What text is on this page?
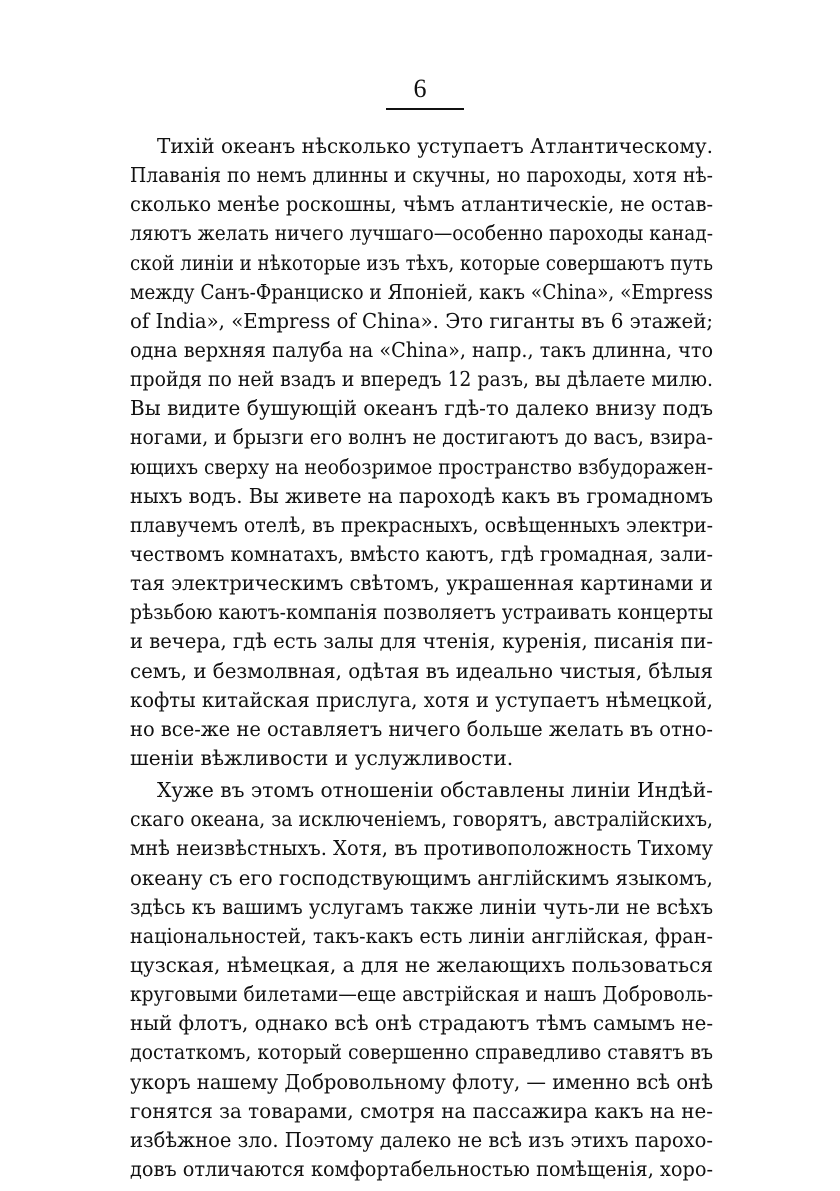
6
Тихій океанъ нѣсколько уступаетъ Атлантическому.
Плаванія по немъ длинны и скучны, но пароходы, хотя нѣ-
сколько менѣе роскошны, чѣмъ атлантическіе, не остав-
ляютъ желать ничего лучшаго—особенно пароходы канад-
ской линіи и нѣкоторые изъ тѣхъ, которые совершаютъ путь
между Санъ-Франциско и Японіей, какъ «China», «Empress
of India», «Empress of China». Это гиганты въ 6 этажей;
одна верхняя палуба на «China», напр., такъ длинна, что
пройдя по ней взадъ и впередъ 12 разъ, вы дѣлаете милю.
Вы видите бушующій океанъ гдѣ-то далеко внизу подъ
ногами, и брызги его волнъ не достигаютъ до васъ, взира-
ющихъ сверху на необозримое пространство взбудоражен-
ныхъ водъ. Вы живете на пароходѣ какъ въ громадномъ
плавучемъ отелѣ, въ прекрасныхъ, освѣщенныхъ электри-
чествомъ комнатахъ, вмѣсто каютъ, гдѣ громадная, зали-
тая электрическимъ свѣтомъ, украшенная картинами и
рѣзьбою каютъ-компанія позволяетъ устраивать концерты
и вечера, гдѣ есть залы для чтенія, куренія, писанія пи-
семъ, и безмолвная, одѣтая въ идеально чистыя, бѣлыя
кофты китайская прислуга, хотя и уступаетъ нѣмецкой,
но все-же не оставляетъ ничего больше желать въ отно-
шеніи вѣжливости и услужливости.
Хуже въ этомъ отношеніи обставлены линіи Индѣй-
скаго океана, за исключеніемъ, говорятъ, австралійскихъ,
мнѣ неизвѣстныхъ. Хотя, въ противоположность Тихому
океану съ его господствующимъ англійскимъ языкомъ,
здѣсь къ вашимъ услугамъ также линіи чуть-ли не всѣхъ
національностей, такъ-какъ есть линіи англійская, фран-
цузская, нѣмецкая, а для не желающихъ пользоваться
круговыми билетами—еще австрійская и нашъ Доброволь-
ный флотъ, однако всѣ онѣ страдаютъ тѣмъ самымъ не-
достаткомъ, который совершенно справедливо ставятъ въ
укоръ нашему Добровольному флоту, — именно всѣ онѣ
гонятся за товарами, смотря на пассажира какъ на не-
избѣжное зло. Поэтому далеко не всѣ изъ этихъ парохо-
довъ отличаются комфортабельностью помѣщенія, хоро-
